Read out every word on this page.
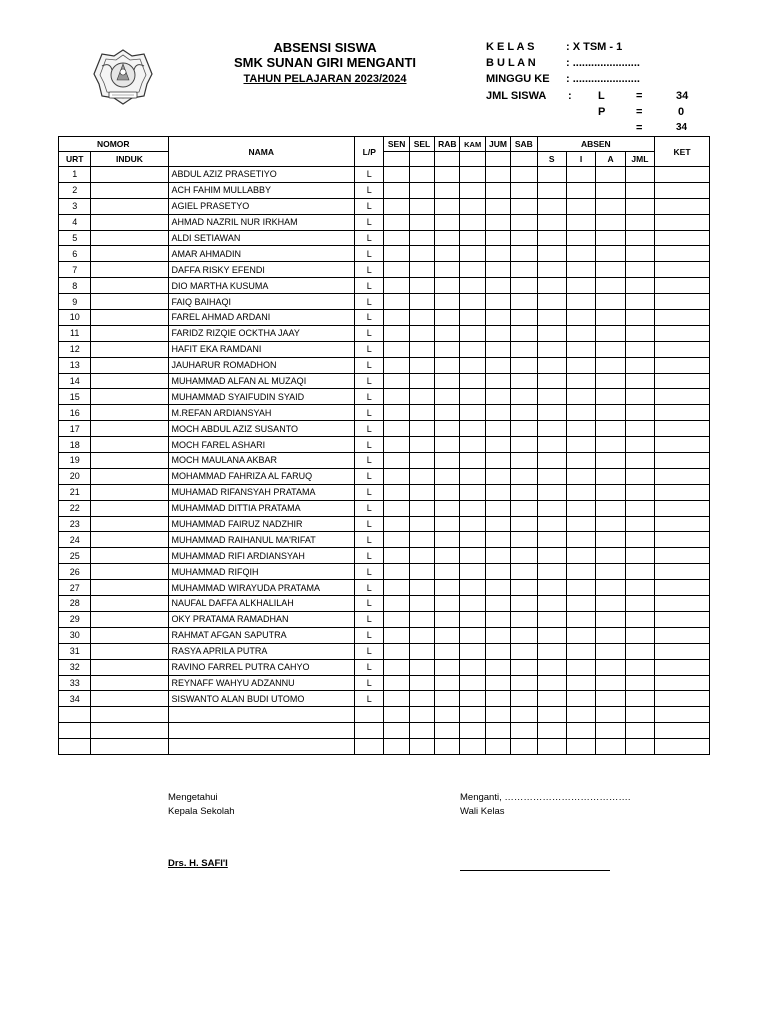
ABSENSI SISWA
SMK SUNAN GIRI MENGANTI
TAHUN PELAJARAN 2023/2024
K E L A S	: X TSM - 1
B U L A N	: ......................
MINGGU KE : ......................
JML SISWA : L	=	34
P	=	0
=	34
NOMOR		NAMA	L/P	SEN	SEL	RAB	KAM	JUM	SAB	ABSEN				KET
URT	INDUK									S	I	A	JML	
1		ABDUL AZIZ PRASETIYO	L											
2		ACH FAHIM MULLABBY	L											
3		AGIEL PRASETYO	L											
4		AHMAD NAZRIL NUR IRKHAM	L											
5		ALDI SETIAWAN	L											
6		AMAR AHMADIN	L											
7		DAFFA RISKY EFENDI	L											
8		DIO MARTHA KUSUMA	L											
9		FAIQ BAIHAQI	L											
10		FAREL AHMAD ARDANI	L											
11		FARIDZ RIZQIE OCKTHA JAAY	L											
12		HAFIT EKA RAMDANI	L											
13		JAUHARUR ROMADHON	L											
14		MUHAMMAD ALFAN AL MUZAQI	L											
15		MUHAMMAD SYAIFUDIN SYAID	L											
16		M.REFAN ARDIANSYAH	L											
17		MOCH ABDUL AZIZ SUSANTO	L											
18		MOCH FAREL ASHARI	L											
19		MOCH MAULANA AKBAR	L											
20		MOHAMMAD FAHRIZA AL FARUQ	L											
21		MUHAMAD RIFANSYAH PRATAMA	L											
22		MUHAMMAD DITTIA PRATAMA	L											
23		MUHAMMAD FAIRUZ NADZHIR	L											
24		MUHAMMAD RAIHANUL MA'RIFAT	L											
25		MUHAMMAD RIFI ARDIANSYAH	L											
26		MUHAMMAD RIFQIH	L											
27		MUHAMMAD WIRAYUDA PRATAMA	L											
28		NAUFAL DAFFA ALKHALILAH	L											
29		OKY PRATAMA RAMADHAN	L											
30		RAHMAT AFGAN SAPUTRA	L											
31		RASYA APRILA PUTRA	L											
32		RAVINO FARREL PUTRA CAHYO	L											
33		REYNAFF WAHYU ADZANNU	L											
34		SISWANTO ALAN BUDI UTOMO	L											

Mengetahui
Kepala Sekolah
Drs. H. SAFI'I
Menganti, ………………………………….
Wali Kelas
